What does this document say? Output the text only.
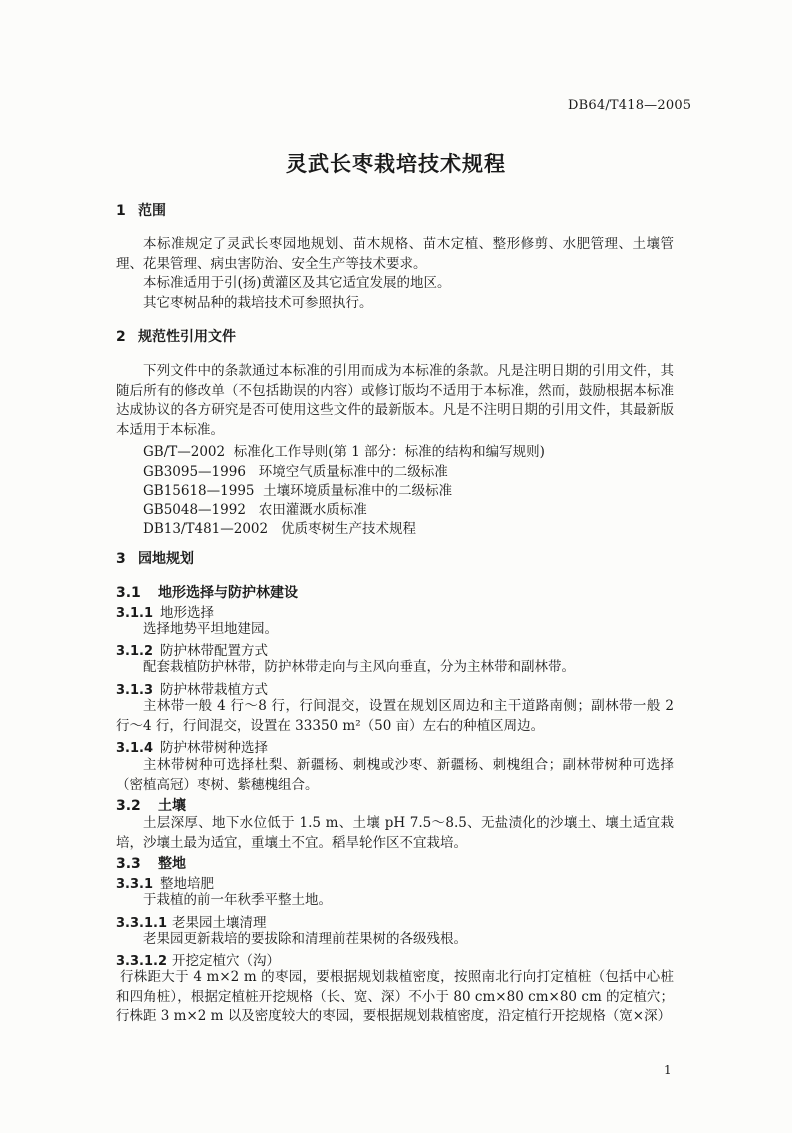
DB64/T418—2005
灵武长枣栽培技术规程
1 范围
本标准规定了灵武长枣园地规划、苗木规格、苗木定植、整形修剪、水肥管理、土壤管理、花果管理、病虫害防治、安全生产等技术要求。
本标准适用于引(扬)黄灌区及其它适宜发展的地区。
其它枣树品种的栽培技术可参照执行。
2 规范性引用文件
下列文件中的条款通过本标准的引用而成为本标准的条款。凡是注明日期的引用文件，其随后所有的修改单（不包括勘误的内容）或修订版均不适用于本标准，然而，鼓励根据本标准达成协议的各方研究是否可使用这些文件的最新版本。凡是不注明日期的引用文件，其最新版本适用于本标准。
GB/T—2002  标准化工作导则(第 1 部分：标准的结构和编写规则)
GB3095—1996   环境空气质量标准中的二级标准
GB15618—1995  土壤环境质量标准中的二级标准
GB5048—1992   农田灌溉水质标准
DB13/T481—2002   优质枣树生产技术规程
3 园地规划
3.1 地形选择与防护林建设
3.1.1 地形选择
选择地势平坦地建园。
3.1.2 防护林带配置方式
配套栽植防护林带，防护林带走向与主风向垂直，分为主林带和副林带。
3.1.3 防护林带栽植方式
主林带一般 4 行～8 行，行间混交，设置在规划区周边和主干道路南侧；副林带一般 2 行～4 行，行间混交，设置在 33350 m²（50 亩）左右的种植区周边。
3.1.4 防护林带树种选择
主林带树种可选择杜梨、新疆杨、刺槐或沙枣、新疆杨、刺槐组合；副林带树种可选择（密植高冠）枣树、紫穗槐组合。
3.2 土壤
土层深厚、地下水位低于 1.5 m、土壤 pH 7.5～8.5、无盐渍化的沙壤土、壤土适宜栽培，沙壤土最为适宜，重壤土不宜。稻旱轮作区不宜栽培。
3.3 整地
3.3.1 整地培肥
于栽植的前一年秋季平整土地。
3.3.1.1 老果园土壤清理
老果园更新栽培的要拔除和清理前茬果树的各级残根。
3.3.1.2 开挖定植穴（沟）
行株距大于 4 m×2 m 的枣园，要根据规划栽植密度，按照南北行向打定植桩（包括中心桩和四角桩），根据定植桩开挖规格（长、宽、深）不小于 80 cm×80 cm×80 cm 的定植穴；行株距 3 m×2 m 以及密度较大的枣园，要根据规划栽植密度，沿定植行开挖规格（宽×深）
1
